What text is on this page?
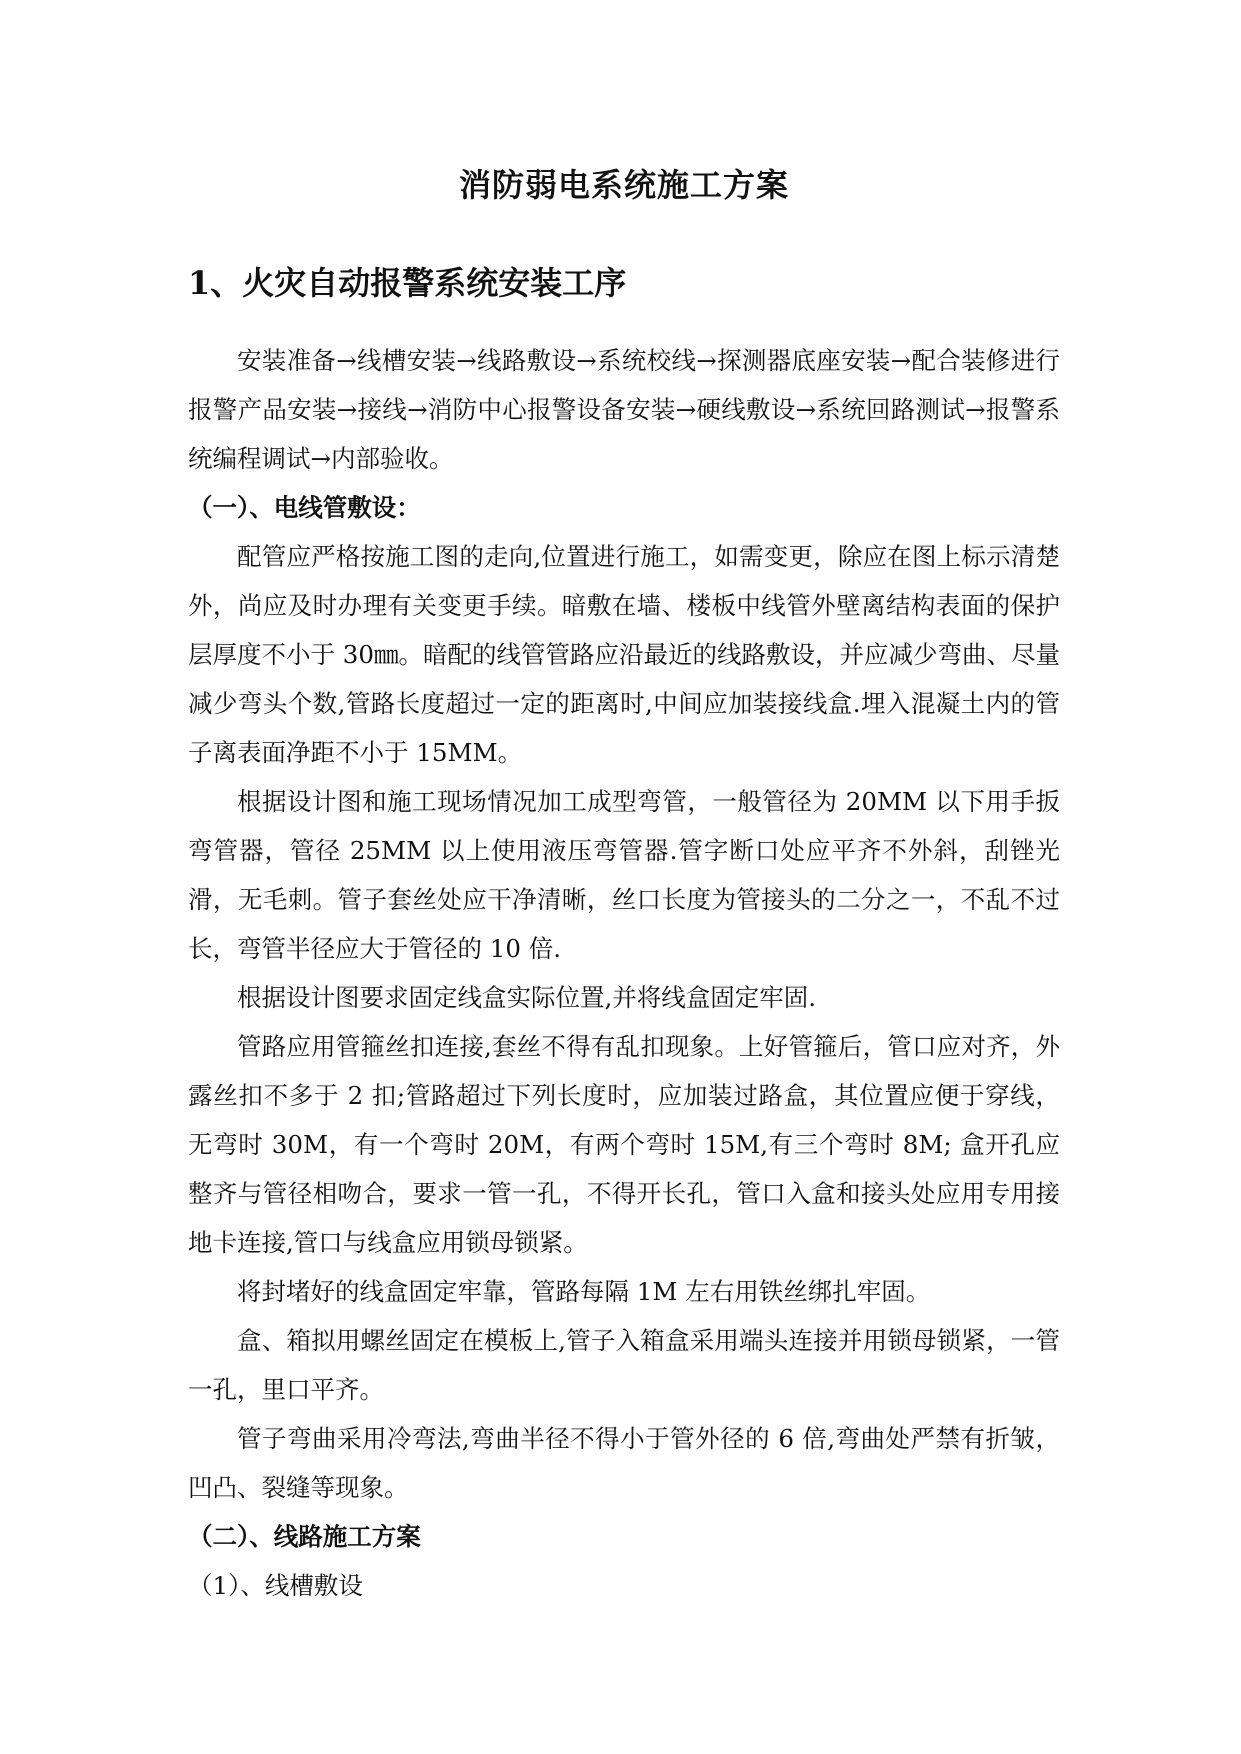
消防弱电系统施工方案
1、火灾自动报警系统安装工序

安装准备→线槽安装→线路敷设→系统校线→探测器底座安装→配合装修进行报警产品安装→接线→消防中心报警设备安装→硬线敷设→系统回路测试→报警系统编程调试→内部验收。

（一）、电线管敷设：

配管应严格按施工图的走向,位置进行施工，如需变更，除应在图上标示清楚外，尚应及时办理有关变更手续。暗敷在墙、楼板中线管外壁离结构表面的保护层厚度不小于 30㎜。暗配的线管管路应沿最近的线路敷设，并应减少弯曲、尽量减少弯头个数,管路长度超过一定的距离时,中间应加装接线盒.埋入混凝土内的管子离表面净距不小于 15MM。

根据设计图和施工现场情况加工成型弯管，一般管径为 20MM 以下用手扳弯管器，管径 25MM 以上使用液压弯管器.管字断口处应平齐不外斜，刮锉光滑，无毛刺。管子套丝处应干净清晰，丝口长度为管接头的二分之一，不乱不过长，弯管半径应大于管径的 10 倍.

根据设计图要求固定线盒实际位置,并将线盒固定牢固.

管路应用管箍丝扣连接,套丝不得有乱扣现象。上好管箍后，管口应对齐，外露丝扣不多于 2 扣;管路超过下列长度时，应加装过路盒，其位置应便于穿线，无弯时 30M，有一个弯时 20M，有两个弯时 15M,有三个弯时 8M; 盒开孔应整齐与管径相吻合，要求一管一孔，不得开长孔，管口入盒和接头处应用专用接地卡连接,管口与线盒应用锁母锁紧。

将封堵好的线盒固定牢靠，管路每隔 1M 左右用铁丝绑扎牢固。

盒、箱拟用螺丝固定在模板上,管子入箱盒采用端头连接并用锁母锁紧，一管一孔，里口平齐。

管子弯曲采用冷弯法,弯曲半径不得小于管外径的 6 倍,弯曲处严禁有折皱，凹凸、裂缝等现象。

（二）、线路施工方案
（1）、线槽敷设
